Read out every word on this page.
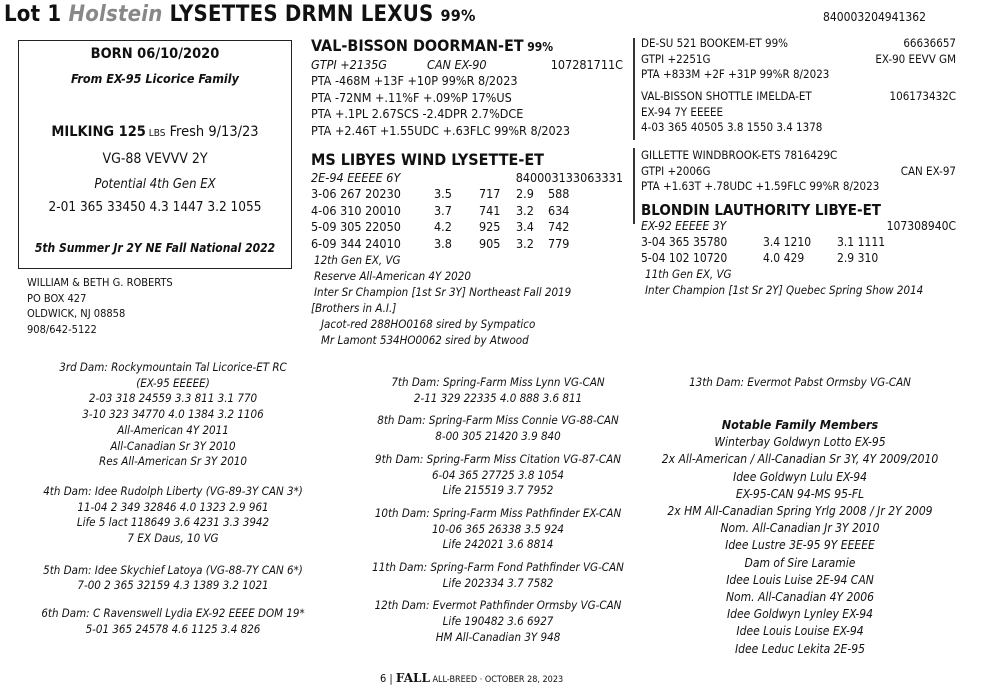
Lot 1 Holstein LYSETTES DRMN LEXUS 99%	840003204941362
BORN 06/10/2020
From EX-95 Licorice Family
MILKING 125 LBS Fresh 9/13/23
VG-88 VEVVV 2Y
Potential 4th Gen EX
2-01 365 33450 4.3 1447 3.2 1055
5th Summer Jr 2Y NE Fall National 2022
WILLIAM & BETH G. ROBERTS
PO BOX 427
OLDWICK, NJ 08858
908/642-5122
VAL-BISSON DOORMAN-ET 99%
GTPI +2135G	CAN EX-90	107281711C
PTA -468M +13F +10P 99%R 8/2023
PTA -72NM +.11%F +.09%P 17%US
PTA +.1PL 2.67SCS -2.4DPR 2.7%DCE
PTA +2.46T +1.55UDC +.63FLC 99%R 8/2023
MS LIBYES WIND LYSETTE-ET
2E-94 EEEEE 6Y	840003133063331
3-06 267 20230	3.5 717 2.9 588
4-06 310 20010	3.7 741 3.2 634
5-09 305 22050	4.2 925 3.4 742
6-09 344 24010	3.8 905 3.2 779
12th Gen EX, VG
Reserve All-American 4Y 2020
Inter Sr Champion [1st Sr 3Y] Northeast Fall 2019
[Brothers in A.I.]
Jacot-red 288HO0168 sired by Sympatico
Mr Lamont 534HO0062 sired by Atwood
DE-SU 521 BOOKEM-ET 99%	66636657
GTPI +2251G	EX-90 EEVV GM
PTA +833M +2F +31P 99%R 8/2023
VAL-BISSON SHOTTLE IMELDA-ET	106173432C
EX-94 7Y EEEEE
4-03 365 40505 3.8 1550 3.4 1378
GILLETTE WINDBROOK-ETS 7816429C
GTPI +2006G	CAN EX-97
PTA +1.63T +.78UDC +1.59FLC 99%R 8/2023
BLONDIN LAUTHORITY LIBYE-ET
EX-92 EEEEE 3Y	107308940C
3-04 365 35780	3.4 1210 3.1 1111
5-04 102 10720	4.0 429	2.9 310
11th Gen EX, VG
Inter Champion [1st Sr 2Y] Quebec Spring Show 2014
3rd Dam: Rockymountain Tal Licorice-ET RC
(EX-95 EEEEE)
2-03 318 24559 3.3 811 3.1 770
3-10 323 34770 4.0 1384 3.2 1106
All-American 4Y 2011
All-Canadian Sr 3Y 2010
Res All-American Sr 3Y 2010
4th Dam: Idee Rudolph Liberty (VG-89-3Y CAN 3*)
11-04 2 349 32846 4.0 1323 2.9 961
Life 5 lact 118649 3.6 4231 3.3 3942
7 EX Daus, 10 VG
5th Dam: Idee Skychief Latoya (VG-88-7Y CAN 6*)
7-00 2 365 32159 4.3 1389 3.2 1021
6th Dam: C Ravenswell Lydia EX-92 EEEE DOM 19*
5-01 365 24578 4.6 1125 3.4 826
7th Dam: Spring-Farm Miss Lynn VG-CAN
2-11 329 22335 4.0 888 3.6 811
8th Dam: Spring-Farm Miss Connie VG-88-CAN
8-00 305 21420 3.9 840
9th Dam: Spring-Farm Miss Citation VG-87-CAN
6-04 365 27725 3.8 1054
Life 215519 3.7 7952
10th Dam: Spring-Farm Miss Pathfinder EX-CAN
10-06 365 26338 3.5 924
Life 242021 3.6 8814
11th Dam: Spring-Farm Fond Pathfinder VG-CAN
Life 202334 3.7 7582
12th Dam: Evermot Pathfinder Ormsby VG-CAN
Life 190482 3.6 6927
HM All-Canadian 3Y 948
13th Dam: Evermot Pabst Ormsby VG-CAN
Notable Family Members
Winterbay Goldwyn Lotto EX-95
2x All-American / All-Canadian Sr 3Y, 4Y 2009/2010
Idee Goldwyn Lulu EX-94
EX-95-CAN 94-MS 95-FL
2x HM All-Canadian Spring Yrlg 2008 / Jr 2Y 2009
Nom. All-Canadian Jr 3Y 2010
Idee Lustre 3E-95 9Y EEEEE
Dam of Sire Laramie
Idee Louis Luise 2E-94 CAN
Nom. All-Canadian 4Y 2006
Idee Goldwyn Lynley EX-94
Idee Louis Louise EX-94
Idee Leduc Lekita 2E-95
6 | FALL ALL-BREED · OCTOBER 28, 2023
